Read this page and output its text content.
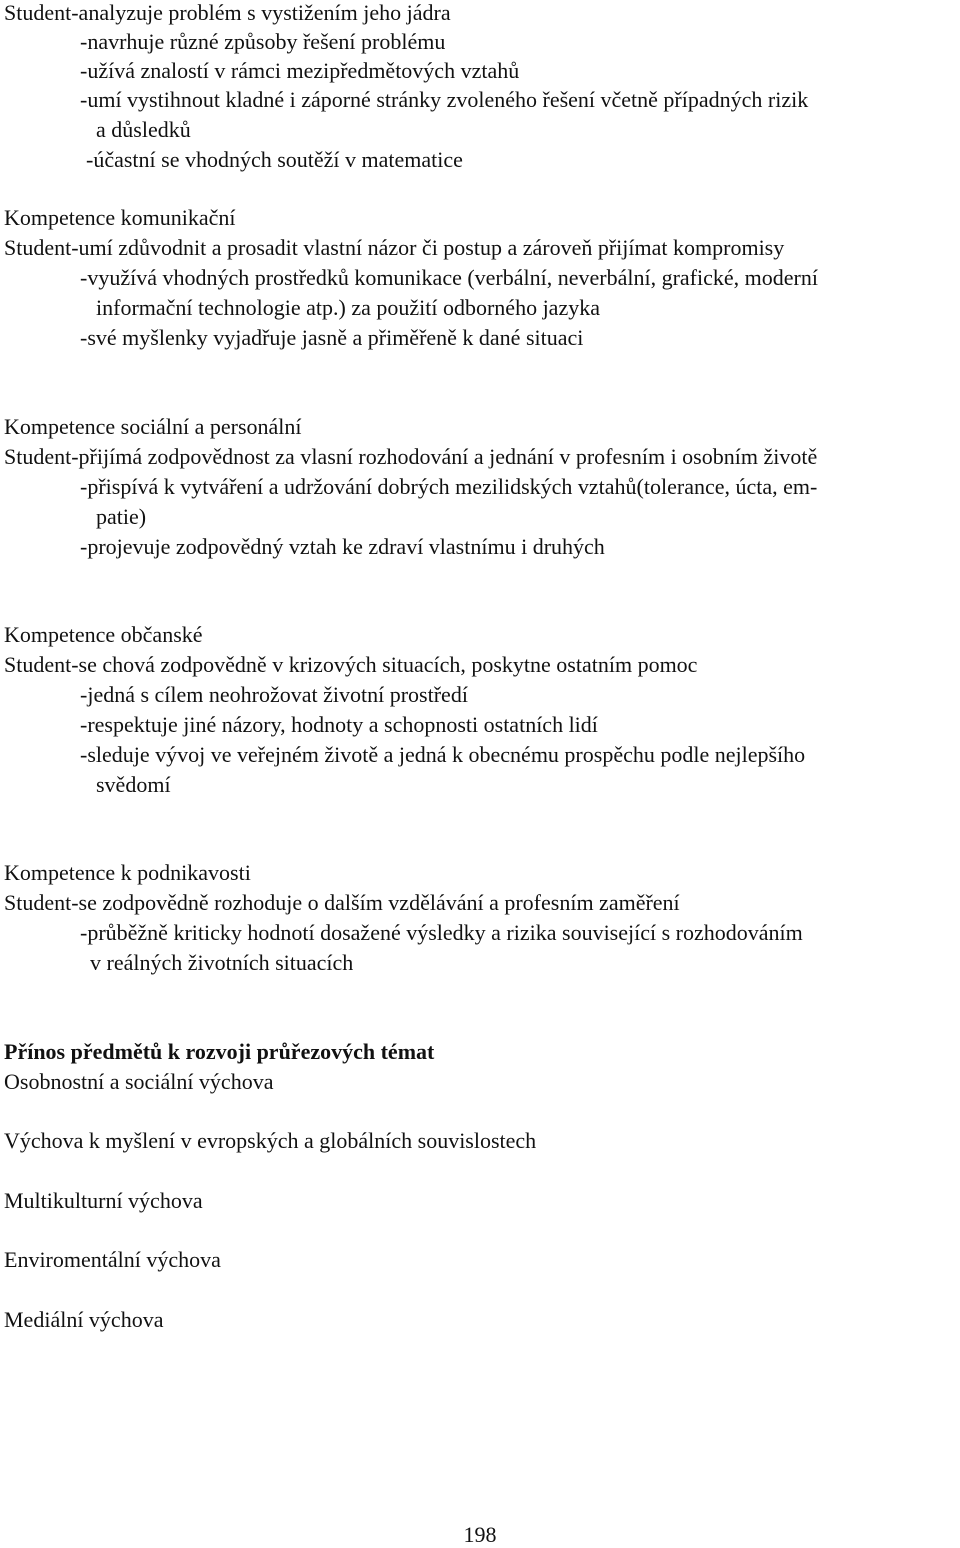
Student-analyzuje problém s vystižením jeho jádra
-navrhuje různé způsoby řešení problému
-užívá znalostí v rámci mezipředmětových vztahů
-umí vystihnout kladné i záporné stránky zvoleného řešení včetně případných rizik
a důsledků
-účastní se vhodných soutěží v matematice
Kompetence komunikační
Student-umí zdůvodnit a prosadit vlastní názor či postup a zároveň přijímat kompromisy
-využívá vhodných prostředků komunikace (verbální, neverbální, grafické, moderní
informační technologie atp.) za použití odborného jazyka
-své myšlenky vyjadřuje jasně a přiměřeně k dané situaci
Kompetence sociální a personální
Student-přijímá zodpovědnost za vlasní rozhodování a jednání v profesním i osobním životě
-přispívá k vytváření a udržování dobrých mezilidských vztahů(tolerance, úcta, em-
patie)
-projevuje zodpovědný vztah ke zdraví vlastnímu i druhých
Kompetence občanské
Student-se chová zodpovědně v krizových situacích, poskytne ostatním pomoc
-jedná s cílem neohrožovat životní prostředí
-respektuje jiné názory, hodnoty a schopnosti ostatních lidí
-sleduje vývoj ve veřejném životě a jedná k obecnému prospěchu podle nejlepšího
svědomí
Kompetence k podnikavosti
Student-se zodpovědně rozhoduje o dalším vzdělávání a profesním zaměření
-průběžně kriticky hodnotí dosažené výsledky a rizika související s rozhodováním
v reálných životních situacích
Přínos předmětů k rozvoji průřezových témat
Osobnostní a sociální výchova
Výchova k myšlení v evropských a globálních souvislostech
Multikulturní výchova
Enviromentální výchova
Mediální výchova
198
